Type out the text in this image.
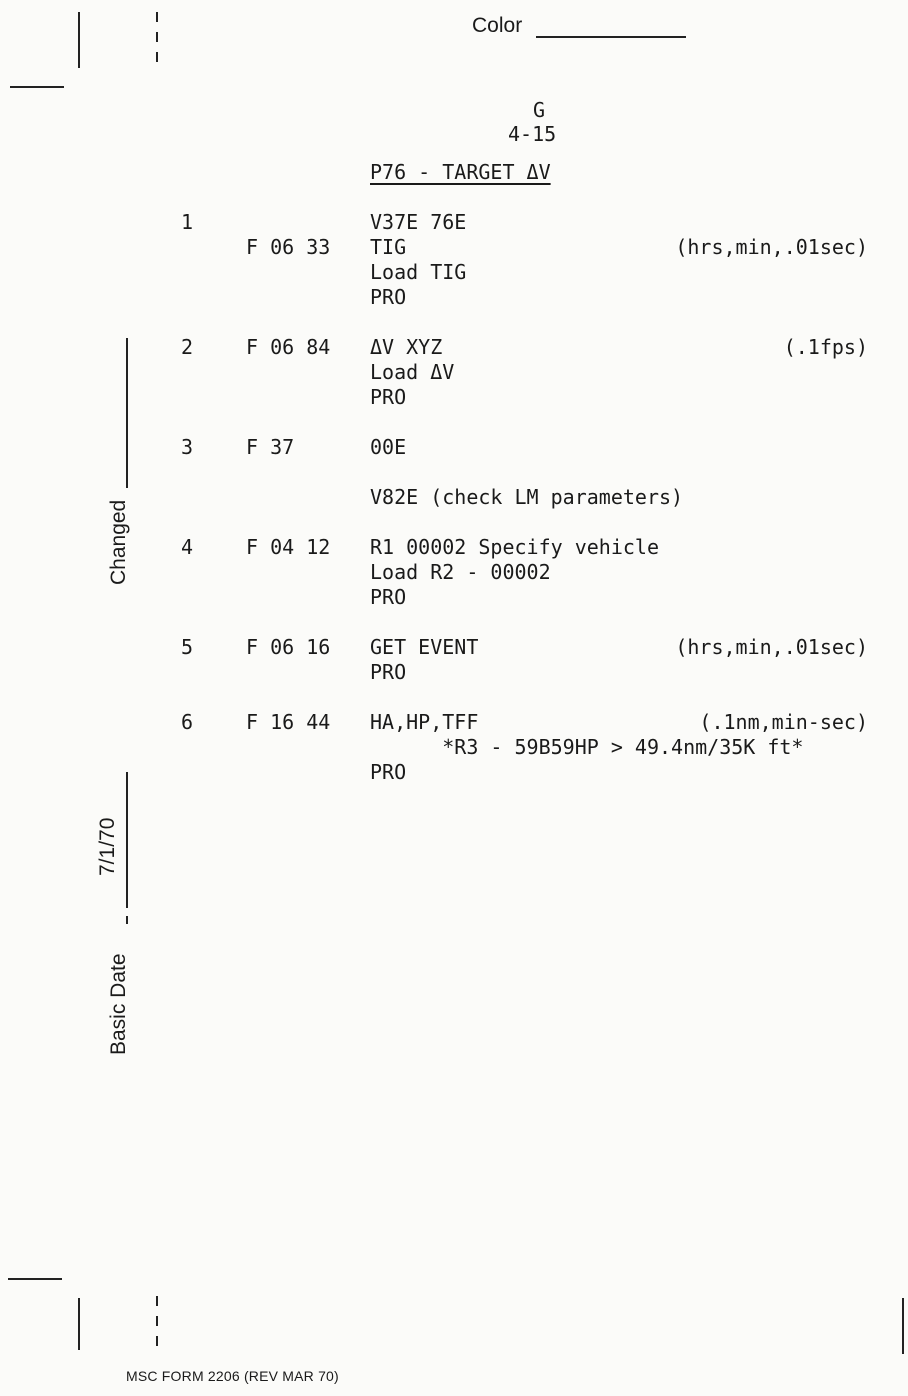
Color
G
4-15
P76 - TARGET ΔV
Changed
7/1/70
Basic Date
1	V37E 76E
F 06 33 TIG	(hrs,min,.01sec)
Load TIG
PRO
2	F 06 84 ΔV XYZ	(.1fps)
Load ΔV
PRO
3	F 37	00E
V82E (check LM parameters)
4	F 04 12 R1 00002 Specify vehicle
Load R2 - 00002
PRO
5	F 06 16 GET EVENT	(hrs,min,.01sec)
PRO
6	F 16 44 HA,HP,TFF	(.1nm,min-sec)
*R3 - 59B59HP > 49.4nm/35K ft*
PRO
MSC FORM 2206 (REV MAR 70)
